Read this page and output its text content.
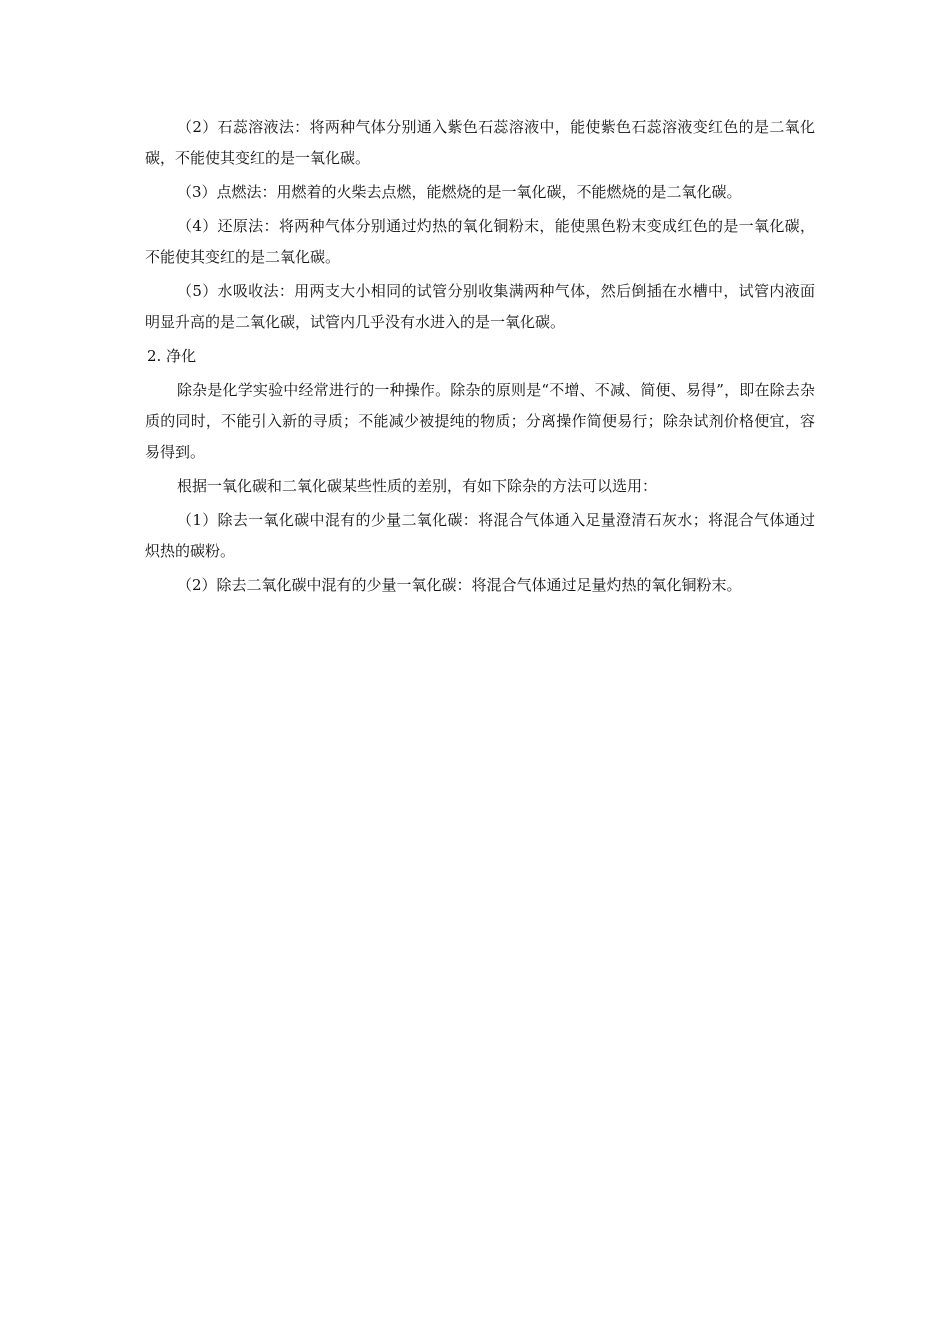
（2）石蕊溶液法：将两种气体分别通入紫色石蕊溶液中，能使紫色石蕊溶液变红色的是二氧化碳，不能使其变红的是一氧化碳。

（3）点燃法：用燃着的火柴去点燃，能燃烧的是一氧化碳，不能燃烧的是二氧化碳。

（4）还原法：将两种气体分别通过灼热的氧化铜粉末，能使黑色粉末变成红色的是一氧化碳，不能使其变红的是二氧化碳。

（5）水吸收法：用两支大小相同的试管分别收集满两种气体，然后倒插在水槽中，试管内液面明显升高的是二氧化碳，试管内几乎没有水进入的是一氧化碳。

2. 净化

除杂是化学实验中经常进行的一种操作。除杂的原则是“不增、不减、简便、易得”，即在除去杂质的同时，不能引入新的寻质；不能减少被提纯的物质；分离操作简便易行；除杂试剂价格便宜，容易得到。

根据一氧化碳和二氧化碳某些性质的差别，有如下除杂的方法可以选用：

（1）除去一氧化碳中混有的少量二氧化碳：将混合气体通入足量澄清石灰水；将混合气体通过炽热的碳粉。

（2）除去二氧化碳中混有的少量一氧化碳：将混合气体通过足量灼热的氧化铜粉末。
